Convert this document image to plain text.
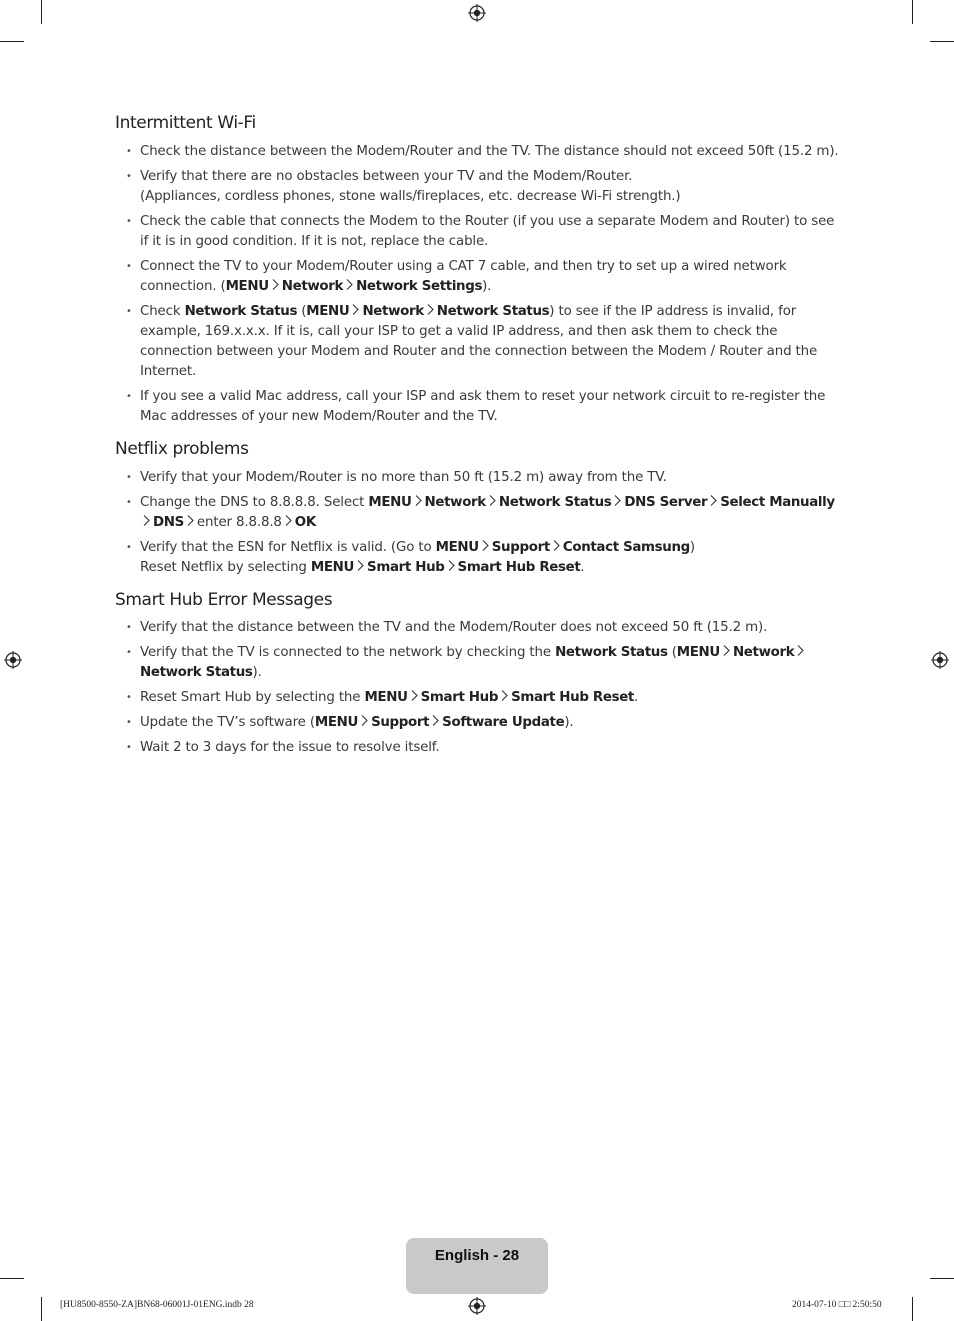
Intermittent Wi-Fi
• Check the distance between the Modem/Router and the TV. The distance should not exceed 50ft (15.2 m).
• Verify that there are no obstacles between your TV and the Modem/Router.
(Appliances, cordless phones, stone walls/fireplaces, etc. decrease Wi-Fi strength.)
• Check the cable that connects the Modem to the Router (if you use a separate Modem and Router) to see if it is in good condition. If it is not, replace the cable.
• Connect the TV to your Modem/Router using a CAT 7 cable, and then try to set up a wired network connection. (MENU Network Network Settings).
• Check Network Status (MENU Network Network Status) to see if the IP address is invalid, for example, 169.x.x.x. If it is, call your ISP to get a valid IP address, and then ask them to check the connection between your Modem and Router and the connection between the Modem / Router and the Internet.
• If you see a valid Mac address, call your ISP and ask them to reset your network circuit to re-register the Mac addresses of your new Modem/Router and the TV.
Netflix problems
• Verify that your Modem/Router is no more than 50 ft (15.2 m) away from the TV.
• Change the DNS to 8.8.8.8. Select MENU Network Network Status DNS Server Select Manually
DNS enter 8.8.8.8 OK
• Verify that the ESN for Netflix is valid. (Go to MENU Support Contact Samsung)
Reset Netflix by selecting MENU Smart Hub Smart Hub Reset.
Smart Hub Error Messages
• Verify that the distance between the TV and the Modem/Router does not exceed 50 ft (15.2 m).
• Verify that the TV is connected to the network by checking the Network Status (MENU Network
Network Status).
• Reset Smart Hub by selecting the MENU Smart Hub Smart Hub Reset.
• Update the TV’s software (MENU Support Software Update).
• Wait 2 to 3 days for the issue to resolve itself.
English - 28
[HU8500-8550-ZA]BN68-06001J-01ENG.indb 28	2014-07-10 □□ 2:50:50
